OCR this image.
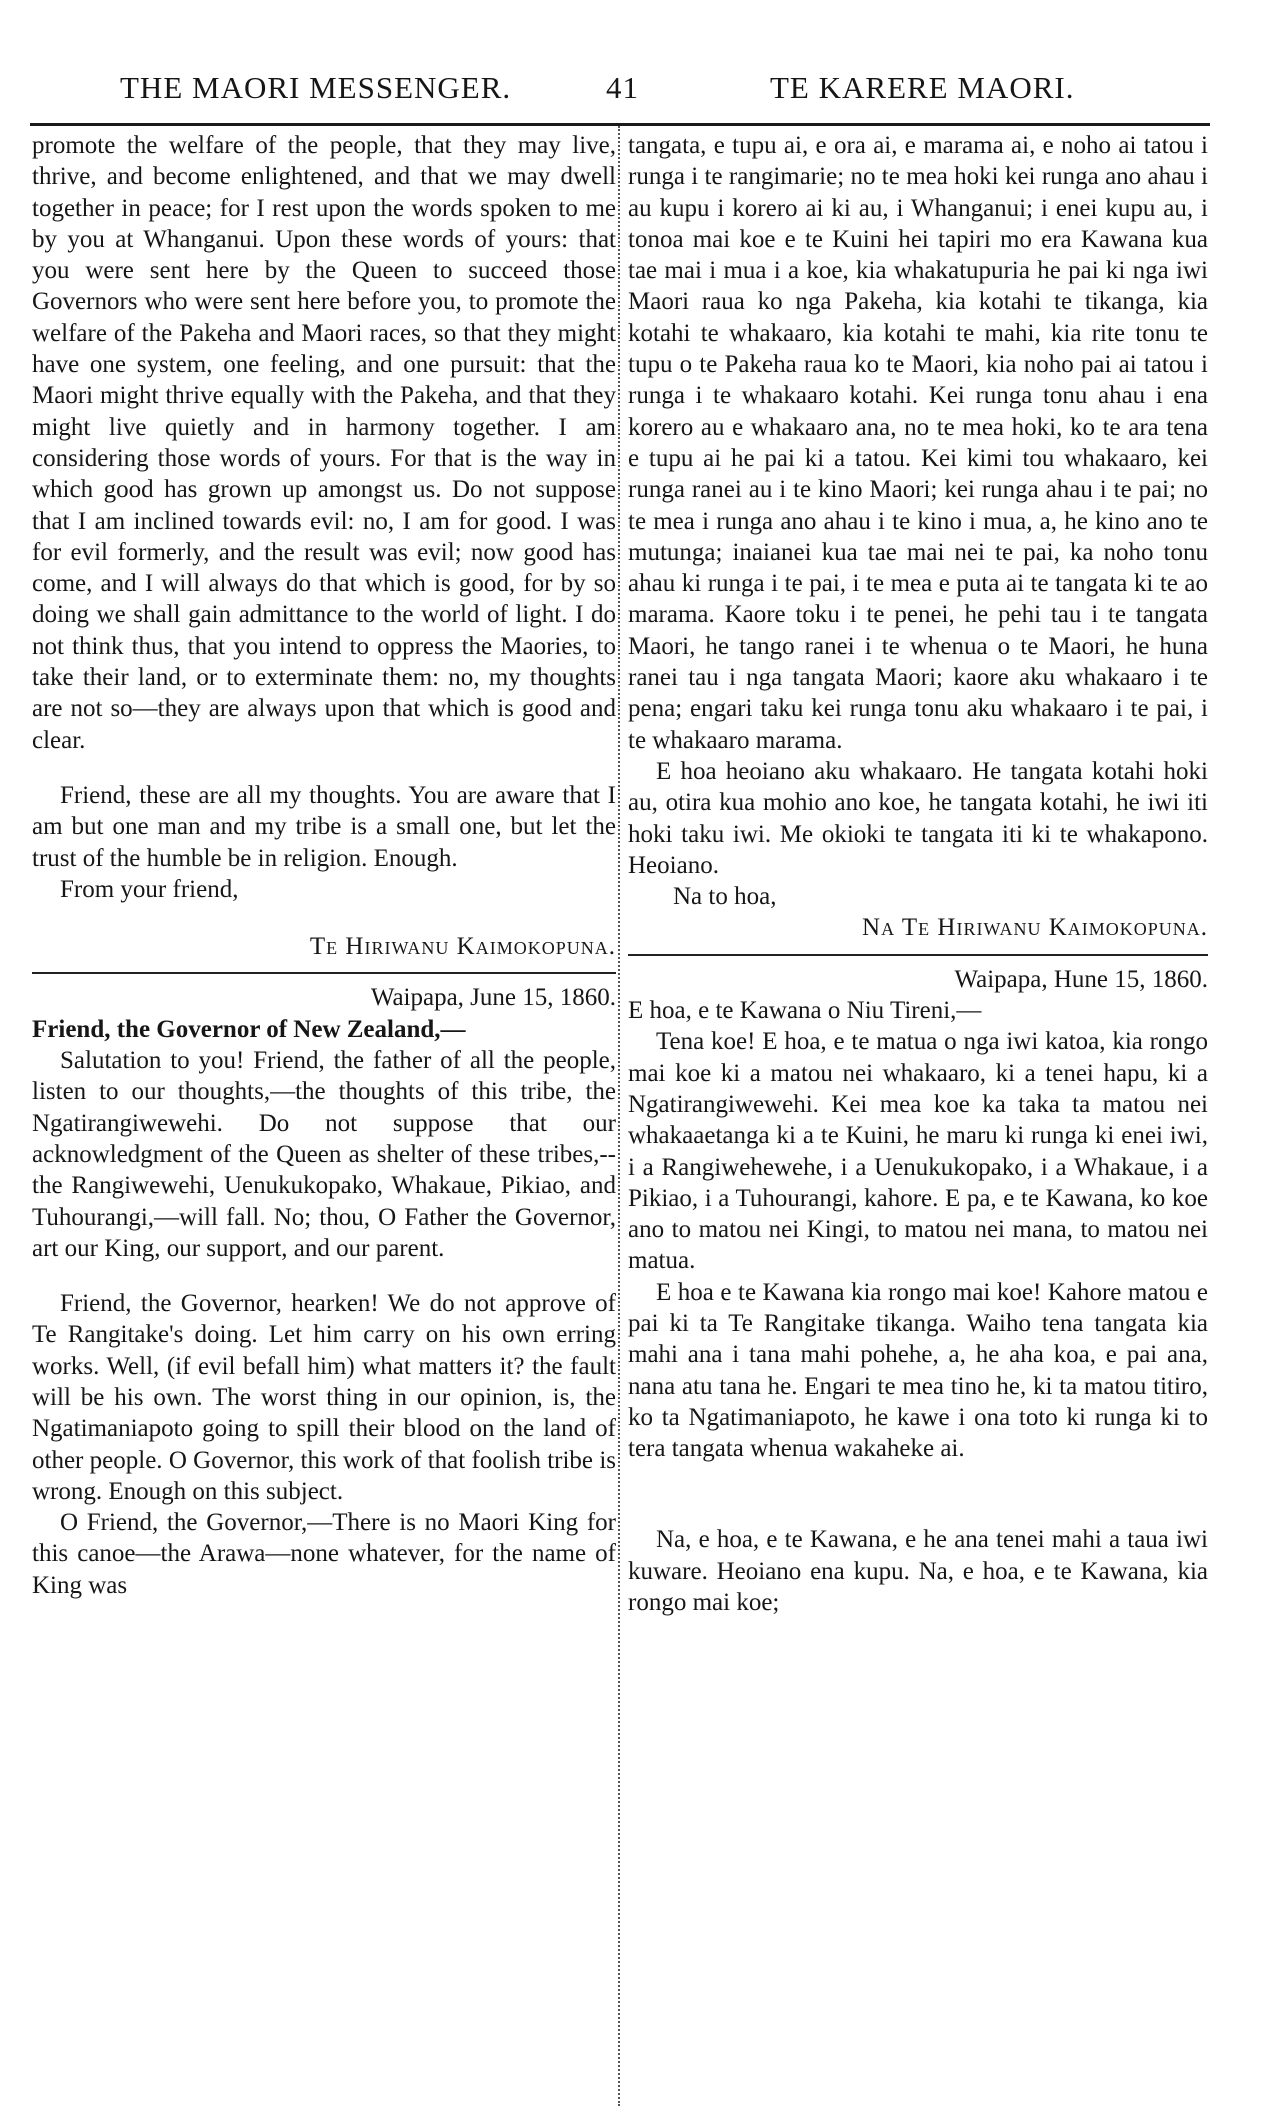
THE MAORI MESSENGER.	41	TE KARERE MAORI.

promote the welfare of the people, that they may live, thrive, and become enlightened, and that we may dwell together in peace; for I rest upon the words spoken to me by you at Whanganui. Upon these words of yours: that you were sent here by the Queen to succeed those Governors who were sent here before you, to promote the welfare of the Pakeha and Maori races, so that they might have one system, one feeling, and one pursuit: that the Maori might thrive equally with the Pakeha, and that they might live quietly and in harmony together. I am considering those words of yours. For that is the way in which good has grown up amongst us. Do not suppose that I am inclined towards evil: no, I am for good. I was for evil formerly, and the result was evil; now good has come, and I will always do that which is good, for by so doing we shall gain admittance to the world of light. I do not think thus, that you intend to oppress the Maories, to take their land, or to exterminate them: no, my thoughts are not so—they are always upon that which is good and clear.

Friend, these are all my thoughts. You are aware that I am but one man and my tribe is a small one, but let the trust of the humble be in religion. Enough.

From your friend,

Te Hiriwanu Kaimokopuna.

Waipapa, June 15, 1860.

Friend, the Governor of New Zealand,—

Salutation to you! Friend, the father of all the people, listen to our thoughts,—the thoughts of this tribe, the Ngatirangiwewehi. Do not suppose that our acknowledgment of the Queen as shelter of these tribes,--the Rangiwewehi, Uenukukopako, Whakaue, Pikiao, and Tuhourangi,—will fall. No; thou, O Father the Governor, art our King, our support, and our parent.

Friend, the Governor, hearken! We do not approve of Te Rangitake's doing. Let him carry on his own erring works. Well, (if evil befall him) what matters it? the fault will be his own. The worst thing in our opinion, is, the Ngatimaniapoto going to spill their blood on the land of other people. O Governor, this work of that foolish tribe is wrong. Enough on this subject.

O Friend, the Governor,—There is no Maori King for this canoe—the Arawa—none whatever, for the name of King was

tangata, e tupu ai, e ora ai, e marama ai, e noho ai tatou i runga i te rangimarie; no te mea hoki kei runga ano ahau i au kupu i korero ai ki au, i Whanganui; i enei kupu au, i tonoa mai koe e te Kuini hei tapiri mo era Kawana kua tae mai i mua i a koe, kia whakatupuria he pai ki nga iwi Maori raua ko nga Pakeha, kia kotahi te tikanga, kia kotahi te whakaaro, kia kotahi te mahi, kia rite tonu te tupu o te Pakeha raua ko te Maori, kia noho pai ai tatou i runga i te whakaaro kotahi. Kei runga tonu ahau i ena korero au e whakaaro ana, no te mea hoki, ko te ara tena e tupu ai he pai ki a tatou. Kei kimi tou whakaaro, kei runga ranei au i te kino Maori; kei runga ahau i te pai; no te mea i runga ano ahau i te kino i mua, a, he kino ano te mutunga; inaianei kua tae mai nei te pai, ka noho tonu ahau ki runga i te pai, i te mea e puta ai te tangata ki te ao marama. Kaore toku i te penei, he pehi tau i te tangata Maori, he tango ranei i te whenua o te Maori, he huna ranei tau i nga tangata Maori; kaore aku whakaaro i te pena; engari taku kei runga tonu aku whakaaro i te pai, i te whakaaro marama.

E hoa heoiano aku whakaaro. He tangata kotahi hoki au, otira kua mohio ano koe, he tangata kotahi, he iwi iti hoki taku iwi. Me okioki te tangata iti ki te whakapono. Heoiano.

Na to hoa,

Na Te Hiriwanu Kaimokopuna.

Waipapa, Hune 15, 1860.

E hoa, e te Kawana o Niu Tireni,—

Tena koe! E hoa, e te matua o nga iwi katoa, kia rongo mai koe ki a matou nei whakaaro, ki a tenei hapu, ki a Ngatirangiwewehi. Kei mea koe ka taka ta matou nei whakaaetanga ki a te Kuini, he maru ki runga ki enei iwi, i a Rangiwehewehe, i a Uenukukopako, i a Whakaue, i a Pikiao, i a Tuhourangi, kahore. E pa, e te Kawana, ko koe ano to matou nei Kingi, to matou nei mana, to matou nei matua.

E hoa e te Kawana kia rongo mai koe! Kahore matou e pai ki ta Te Rangitake tikanga. Waiho tena tangata kia mahi ana i tana mahi pohehe, a, he aha koa, e pai ana, nana atu tana he. Engari te mea tino he, ki ta matou titiro, ko ta Ngatimaniapoto, he kawe i ona toto ki runga ki to tera tangata whenua wakaheke ai.

Na, e hoa, e te Kawana, e he ana tenei mahi a taua iwi kuware. Heoiano ena kupu. Na, e hoa, e te Kawana, kia rongo mai koe;
